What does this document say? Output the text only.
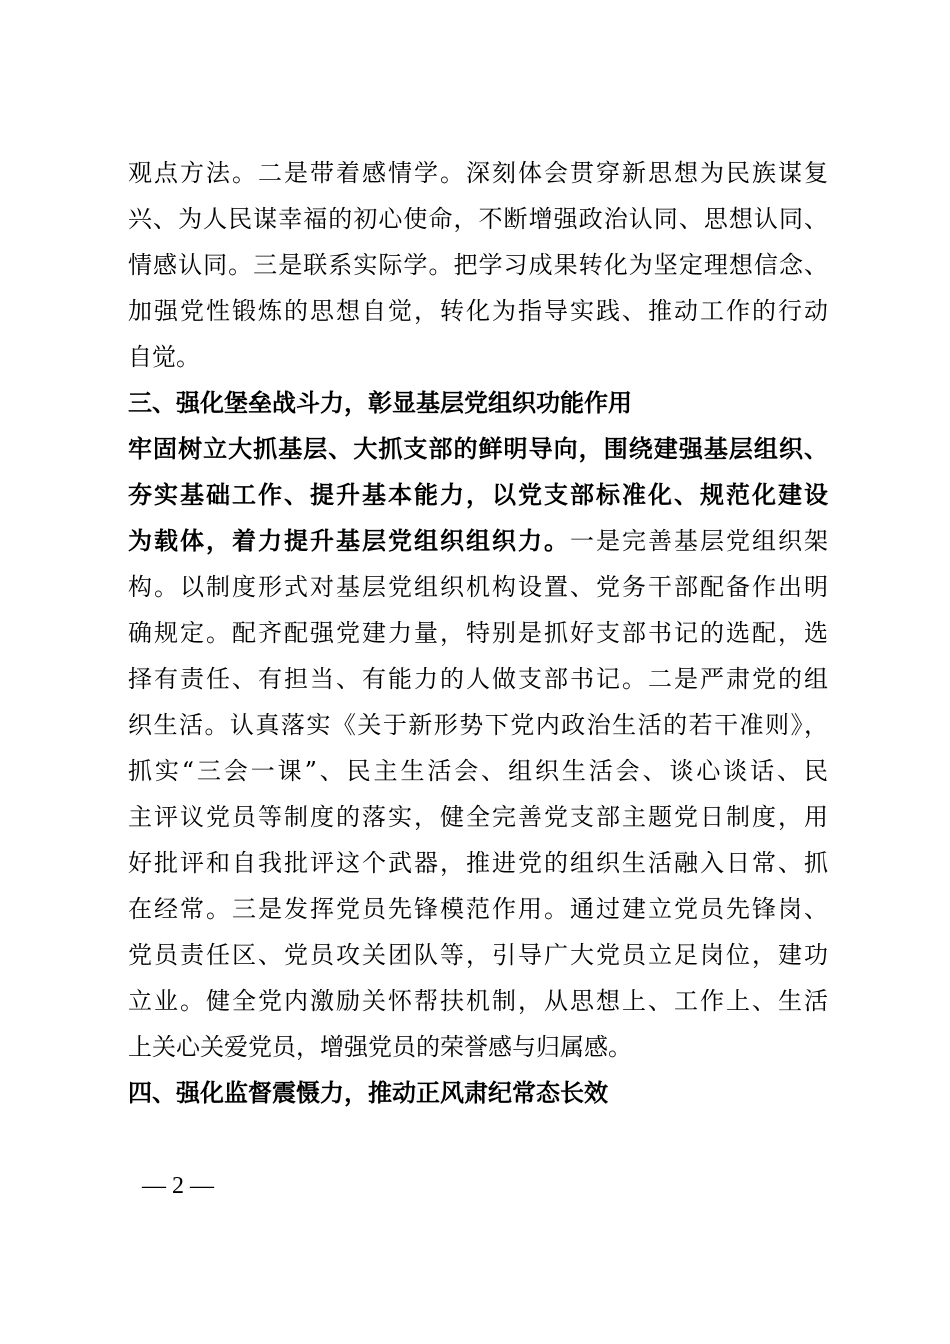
观点方法。二是带着感情学。深刻体会贯穿新思想为民族谋复
兴、为人民谋幸福的初心使命，不断增强政治认同、思想认同、
情感认同。三是联系实际学。把学习成果转化为坚定理想信念、
加强党性锻炼的思想自觉，转化为指导实践、推动工作的行动
自觉。
三、强化堡垒战斗力，彰显基层党组织功能作用
牢固树立大抓基层、大抓支部的鲜明导向，围绕建强基层组织、
夯实基础工作、提升基本能力，以党支部标准化、规范化建设
为载体，着力提升基层党组织组织力。一是完善基层党组织架
构。以制度形式对基层党组织机构设置、党务干部配备作出明
确规定。配齐配强党建力量，特别是抓好支部书记的选配，选
择有责任、有担当、有能力的人做支部书记。二是严肃党的组
织生活。认真落实《关于新形势下党内政治生活的若干准则》，
抓实“三会一课”、民主生活会、组织生活会、谈心谈话、民
主评议党员等制度的落实，健全完善党支部主题党日制度，用
好批评和自我批评这个武器，推进党的组织生活融入日常、抓
在经常。三是发挥党员先锋模范作用。通过建立党员先锋岗、
党员责任区、党员攻关团队等，引导广大党员立足岗位，建功
立业。健全党内激励关怀帮扶机制，从思想上、工作上、生活
上关心关爱党员，增强党员的荣誉感与归属感。
四、强化监督震慑力，推动正风肃纪常态长效
— 2 —
